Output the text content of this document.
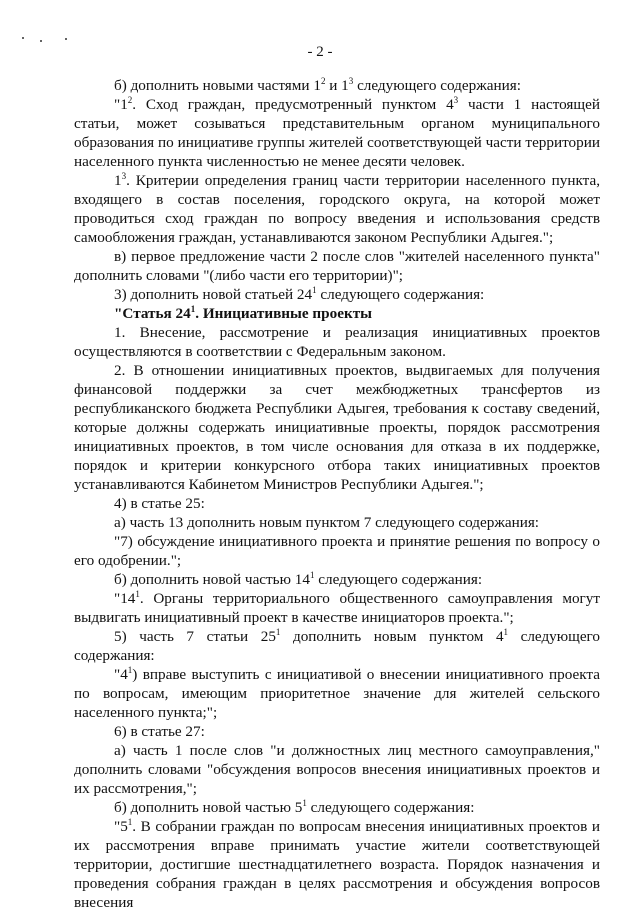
- 2 -

б) дополнить новыми частями $1^2$ и $1^3$ следующего содержания:

"$1^2$. Сход граждан, предусмотренный пунктом $4^3$ части 1 настоящей статьи, может созываться представительным органом муниципального образования по инициативе группы жителей соответствующей части территории населенного пункта численностью не менее десяти человек.

$1^3$. Критерии определения границ части территории населенного пункта, входящего в состав поселения, городского округа, на которой может проводиться сход граждан по вопросу введения и использования средств самообложения граждан, устанавливаются законом Республики Адыгея.";

в) первое предложение части 2 после слов "жителей населенного пункта" дополнить словами "(либо части его территории)";

3) дополнить новой статьей $24^1$ следующего содержания:

"Статья $24^1$. Инициативные проекты

1. Внесение, рассмотрение и реализация инициативных проектов осуществляются в соответствии с Федеральным законом.

2. В отношении инициативных проектов, выдвигаемых для получения финансовой поддержки за счет межбюджетных трансфертов из республиканского бюджета Республики Адыгея, требования к составу сведений, которые должны содержать инициативные проекты, порядок рассмотрения инициативных проектов, в том числе основания для отказа в их поддержке, порядок и критерии конкурсного отбора таких инициативных проектов устанавливаются Кабинетом Министров Республики Адыгея.";

4) в статье 25:

а) часть 13 дополнить новым пунктом 7 следующего содержания:

"7) обсуждение инициативного проекта и принятие решения по вопросу о его одобрении.";

б) дополнить новой частью $14^1$ следующего содержания:

"$14^1$. Органы территориального общественного самоуправления могут выдвигать инициативный проект в качестве инициаторов проекта.";

5) часть 7 статьи $25^1$ дополнить новым пунктом $4^1$ следующего содержания:

"$4^1$) вправе выступить с инициативой о внесении инициативного проекта по вопросам, имеющим приоритетное значение для жителей сельского населенного пункта;";

6) в статье 27:

а) часть 1 после слов "и должностных лиц местного самоуправления," дополнить словами "обсуждения вопросов внесения инициативных проектов и их рассмотрения,";

б) дополнить новой частью $5^1$ следующего содержания:

"$5^1$. В собрании граждан по вопросам внесения инициативных проектов и их рассмотрения вправе принимать участие жители соответствующей территории, достигшие шестнадцатилетнего возраста. Порядок назначения и проведения собрания граждан в целях рассмотрения и обсуждения вопросов внесения
